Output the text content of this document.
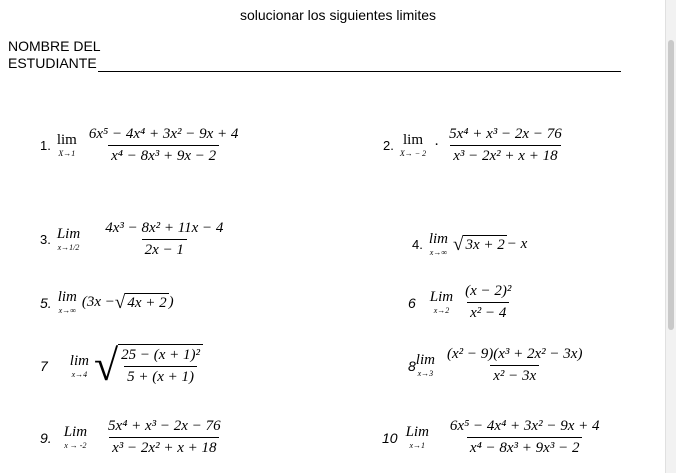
solucionar los siguientes limites
NOMBRE DEL
ESTUDIANTE
1. lim
$X\to 1 \frac{\text{6x⁵ − 4x⁴ + 3x² − 9x + 4}}{\text{x⁴ − 8x³ + 9x − 2}}$	2. lim
X→ − 2
· $\frac{\text{5x⁴ + x³ − 2x − 76}}{\text{x³ − 2x² + x + 18}}$
3. Lim
$x\to 1/2 \frac{\text{4x³ − 8x² + 11x − 4}}{2x - 1}$	4. lim
x→∞ √ 3x + 2 − x
5. lim
x→∞
(3x − √ 4x + 2 )	6 Lim
$x\to 2 \frac{\text{(x − 2)²}}{\text{x² − 4}}$
7 lim
x→4 √ $\frac{\text{25 − (x + 1)²}}{5 + (x + 1)}$	8 lim
$x\to 3 \frac{\text{(x² − 9)(x³ + 2x² − 3x)}}{\text{x² − 3x}}$
9. Lim
$x \to -2 \frac{\text{5x⁴ + x³ − 2x − 76}}{\text{x³ − 2x² + x + 18}}$	10 Lim
$x\to 1 \frac{\text{6x⁵ − 4x⁴ + 3x² − 9x + 4}}{\text{x⁴ − 8x³ + 9x³ − 2}}$
